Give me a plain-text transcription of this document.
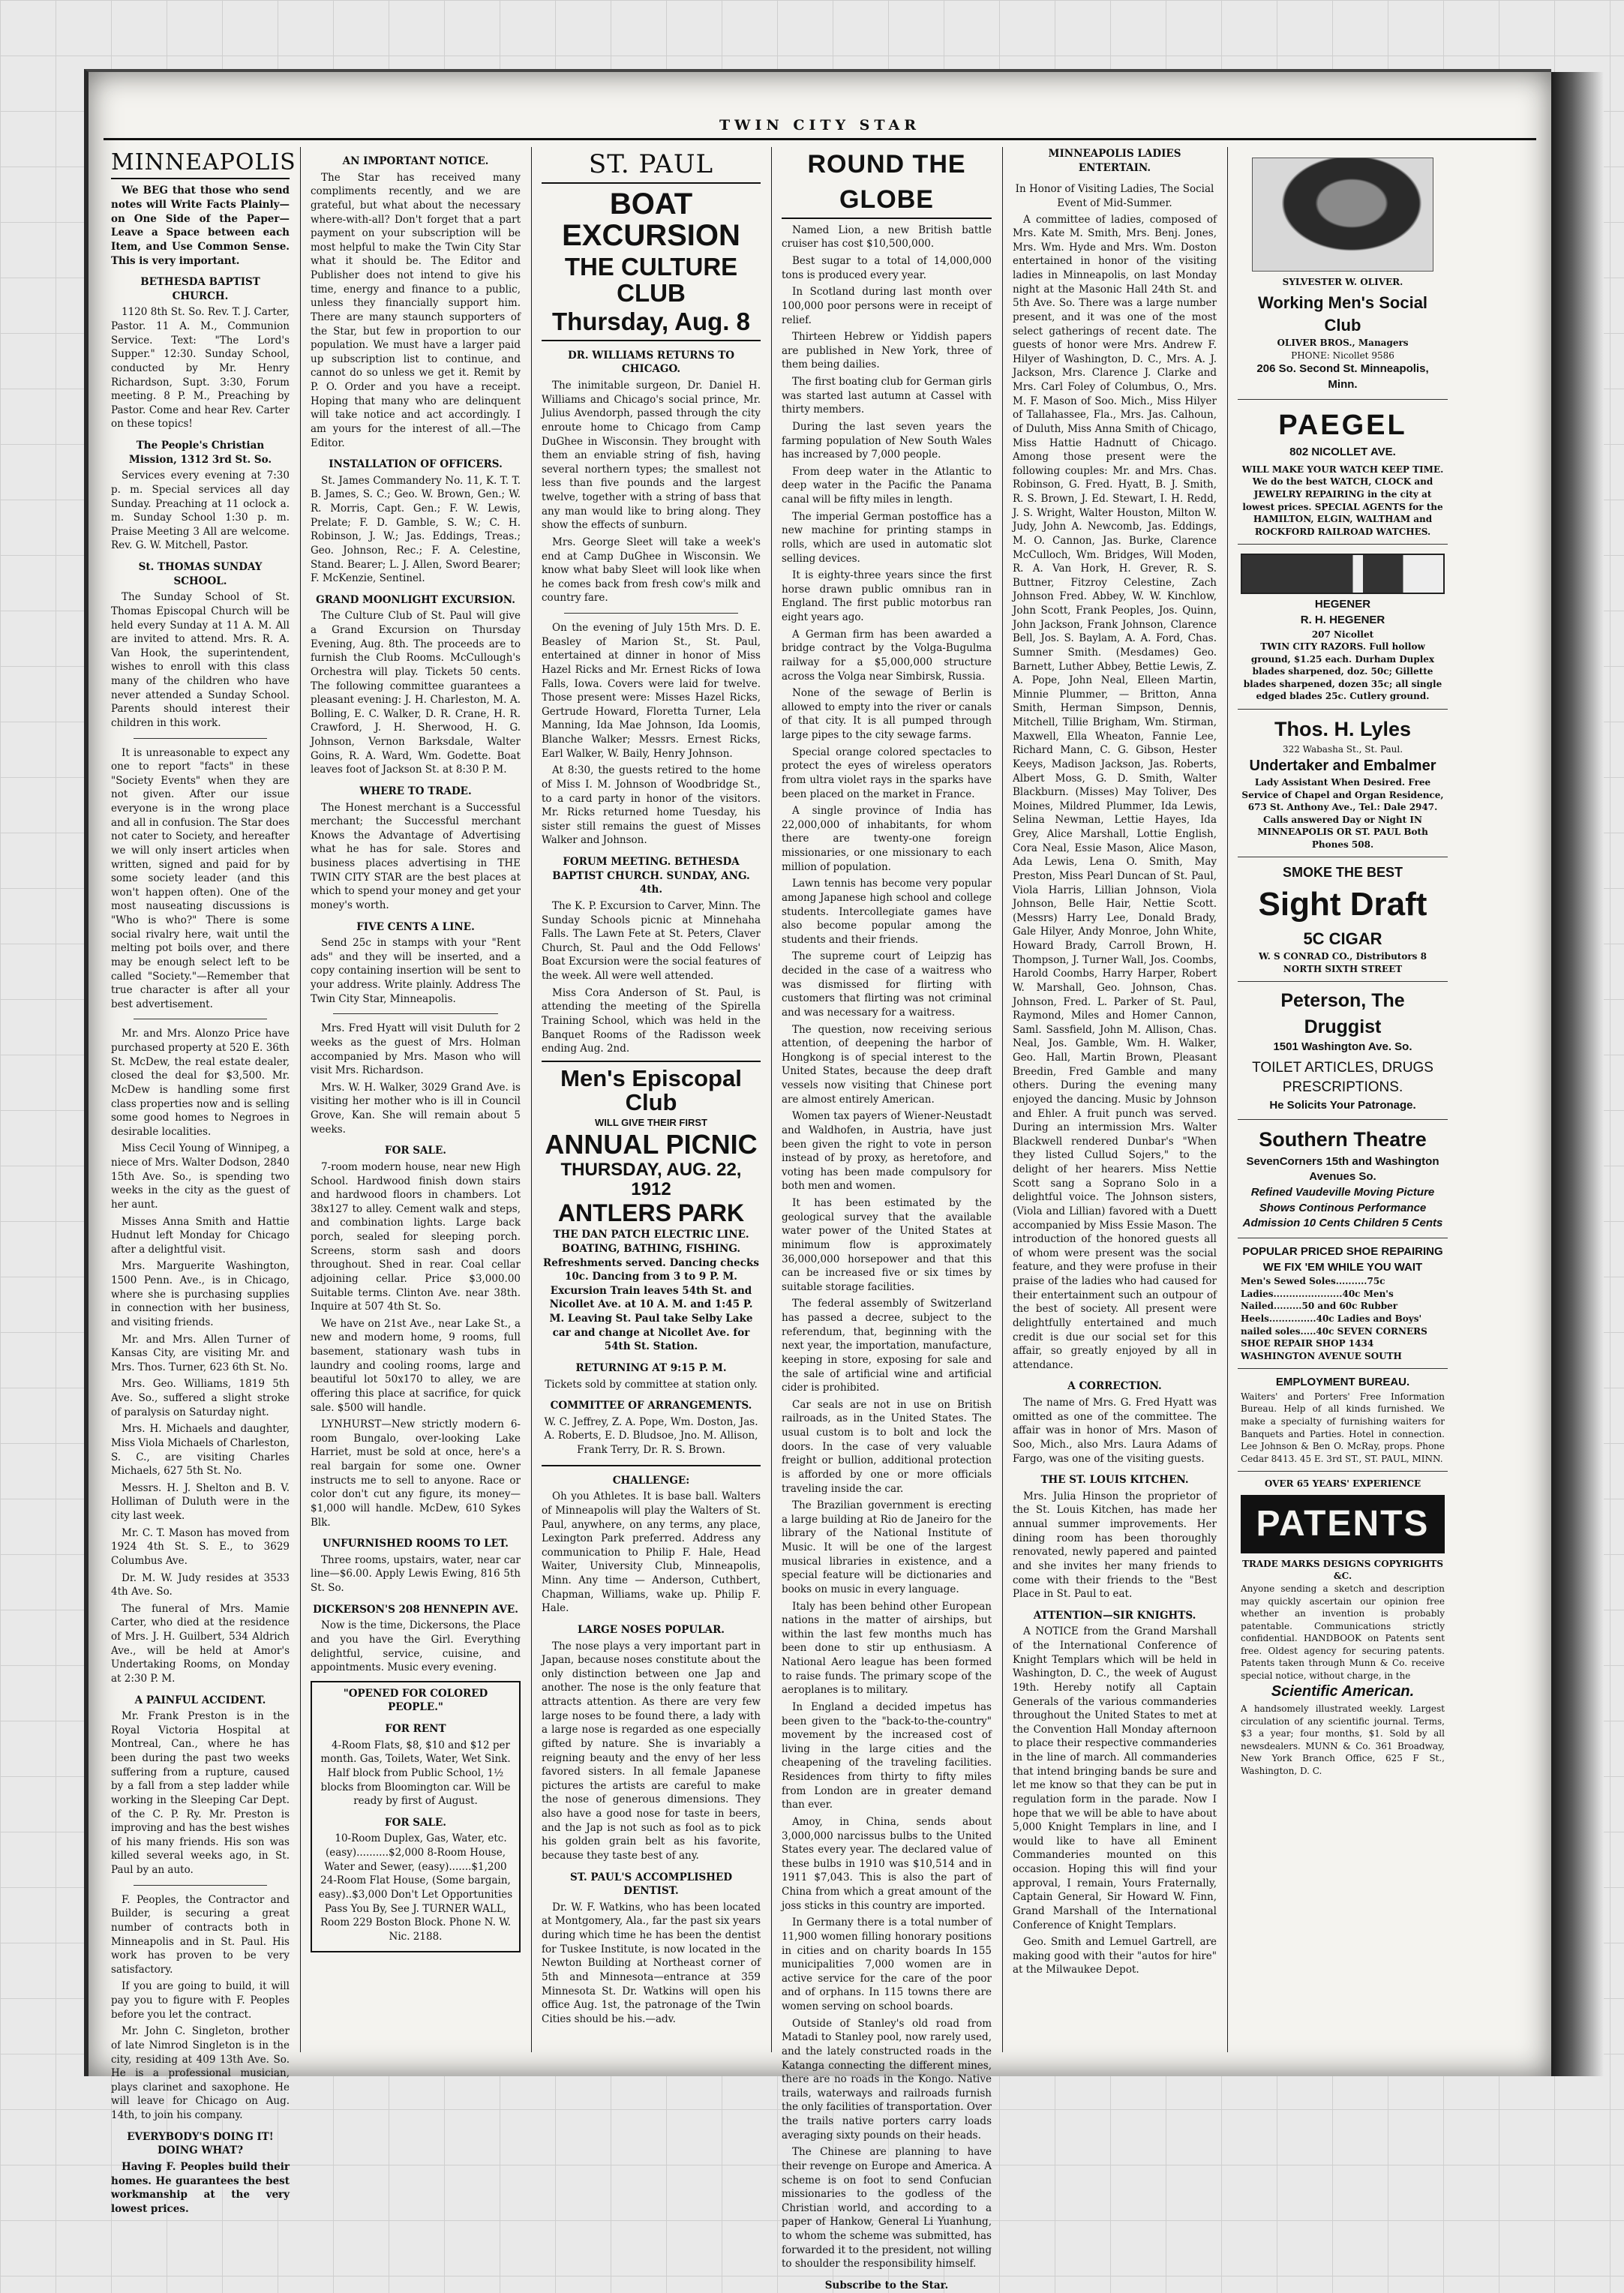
TWIN CITY STAR
MINNEAPOLIS

We BEG that those who send notes will Write Facts Plainly—on One Side of the Paper—Leave a Space between each Item, and Use Common Sense. This is very important.

BETHESDA BAPTIST CHURCH.

1120 8th St. So. Rev. T. J. Carter, Pastor. 11 A. M., Communion Service. Text: "The Lord's Supper." 12:30. Sunday School, conducted by Mr. Henry Richardson, Supt. 3:30, Forum meeting. 8 P. M., Preaching by Pastor. Come and hear Rev. Carter on these topics!

The People's Christian Mission, 1312 3rd St. So.

Services every evening at 7:30 p. m. Special services all day Sunday. Preaching at 11 oclock a. m. Sunday School 1:30 p. m. Praise Meeting 3 All are welcome. Rev. G. W. Mitchell, Pastor.

St. THOMAS SUNDAY SCHOOL.

The Sunday School of St. Thomas Episcopal Church will be held every Sunday at 11 A. M. All are invited to attend. Mrs. R. A. Van Hook, the superintendent, wishes to enroll with this class many of the children who have never attended a Sunday School. Parents should interest their children in this work.

It is unreasonable to expect any one to report "facts" in these "Society Events" when they are not given. After our issue everyone is in the wrong place and all in confusion. The Star does not cater to Society, and hereafter we will only insert articles when written, signed and paid for by some society leader (and this won't happen often). One of the most nauseating discussions is "Who is who?" There is some social rivalry here, wait until the melting pot boils over, and there may be enough select left to be called "Society."—Remember that true character is after all your best advertisement.

Mr. and Mrs. Alonzo Price have purchased property at 520 E. 36th St. McDew, the real estate dealer, closed the deal for $3,500. Mr. McDew is handling some first class properties now and is selling some good homes to Negroes in desirable localities.

Miss Cecil Young of Winnipeg, a niece of Mrs. Walter Dodson, 2840 15th Ave. So., is spending two weeks in the city as the guest of her aunt.

Misses Anna Smith and Hattie Hudnut left Monday for Chicago after a delightful visit.

Mrs. Marguerite Washington, 1500 Penn. Ave., is in Chicago, where she is purchasing supplies in connection with her business, and visiting friends.

Mr. and Mrs. Allen Turner of Kansas City, are visiting Mr. and Mrs. Thos. Turner, 623 6th St. No.

Mrs. Geo. Williams, 1819 5th Ave. So., suffered a slight stroke of paralysis on Saturday night.

Mrs. H. Michaels and daughter, Miss Viola Michaels of Charleston, S. C., are visiting Charles Michaels, 627 5th St. No.

Messrs. H. J. Shelton and B. V. Holliman of Duluth were in the city last week.

Mr. C. T. Mason has moved from 1924 4th St. S. E., to 3629 Columbus Ave.

Dr. M. W. Judy resides at 3533 4th Ave. So.

The funeral of Mrs. Mamie Carter, who died at the residence of Mrs. J. H. Guilbert, 534 Aldrich Ave., will be held at Amor's Undertaking Rooms, on Monday at 2:30 P. M.

A PAINFUL ACCIDENT.

Mr. Frank Preston is in the Royal Victoria Hospital at Montreal, Can., where he has been during the past two weeks suffering from a rupture, caused by a fall from a step ladder while working in the Sleeping Car Dept. of the C. P. Ry. Mr. Preston is improving and has the best wishes of his many friends. His son was killed several weeks ago, in St. Paul by an auto.

F. Peoples, the Contractor and Builder, is securing a great number of contracts both in Minneapolis and in St. Paul. His work has proven to be very satisfactory.

If you are going to build, it will pay you to figure with F. Peoples before you let the contract.

Mr. John C. Singleton, brother of late Nimrod Singleton is in the city, residing at 409 13th Ave. So. He is a professional musician, plays clarinet and saxophone. He will leave for Chicago on Aug. 14th, to join his company.

EVERYBODY'S DOING IT! DOING WHAT?

Having F. Peoples build their homes. He guarantees the best workmanship at the very lowest prices.

AN IMPORTANT NOTICE.

The Star has received many compliments recently, and we are grateful, but what about the necessary where-with-all? Don't forget that a part payment on your subscription will be most helpful to make the Twin City Star what it should be. The Editor and Publisher does not intend to give his time, energy and finance to a public, unless they financially support him. There are many staunch supporters of the Star, but few in proportion to our population. We must have a larger paid up subscription list to continue, and cannot do so unless we get it. Remit by P. O. Order and you have a receipt. Hoping that many who are delinquent will take notice and act accordingly. I am yours for the interest of all.—The Editor.

INSTALLATION OF OFFICERS.

St. James Commandery No. 11, K. T. T. B. James, S. C.; Geo. W. Brown, Gen.; W. R. Morris, Capt. Gen.; F. W. Lewis, Prelate; F. D. Gamble, S. W.; C. H. Robinson, J. W.; Jas. Eddings, Treas.; Geo. Johnson, Rec.; F. A. Celestine, Stand. Bearer; L. J. Allen, Sword Bearer; F. McKenzie, Sentinel.

GRAND MOONLIGHT EXCURSION.

The Culture Club of St. Paul will give a Grand Excursion on Thursday Evening, Aug. 8th. The proceeds are to furnish the Club Rooms. McCullough's Orchestra will play. Tickets 50 cents. The following committee guarantees a pleasant evening: J. H. Charleston, M. A. Bolling, E. C. Walker, D. R. Crane, H. R. Crawford, J. H. Sherwood, H. G. Johnson, Vernon Barksdale, Walter Goins, R. A. Ward, Wm. Godette. Boat leaves foot of Jackson St. at 8:30 P. M.

WHERE TO TRADE.

The Honest merchant is a Successful merchant; the Successful merchant Knows the Advantage of Advertising what he has for sale. Stores and business places advertising in THE TWIN CITY STAR are the best places at which to spend your money and get your money's worth.

FIVE CENTS A LINE.

Send 25c in stamps with your "Rent ads" and they will be inserted, and a copy containing insertion will be sent to your address. Write plainly. Address The Twin City Star, Minneapolis.

Mrs. Fred Hyatt will visit Duluth for 2 weeks as the guest of Mrs. Holman accompanied by Mrs. Mason who will visit Mrs. Richardson.

Mrs. W. H. Walker, 3029 Grand Ave. is visiting her mother who is ill in Council Grove, Kan. She will remain about 5 weeks.

FOR SALE.

7-room modern house, near new High School. Hardwood finish down stairs and hardwood floors in chambers. Lot 38x127 to alley. Cement walk and steps, and combination lights. Large back porch, sealed for sleeping porch. Screens, storm sash and doors throughout. Shed in rear. Coal cellar adjoining cellar. Price $3,000.00 Suitable terms. Clinton Ave. near 38th. Inquire at 507 4th St. So.

We have on 21st Ave., near Lake St., a new and modern home, 9 rooms, full basement, stationary wash tubs in laundry and cooling rooms, large and beautiful lot 50x170 to alley, we are offering this place at sacrifice, for quick sale. $500 will handle.

LYNHURST—New strictly modern 6-room Bungalo, over-looking Lake Harriet, must be sold at once, here's a real bargain for some one. Owner instructs me to sell to anyone. Race or color don't cut any figure, its money—$1,000 will handle. McDew, 610 Sykes Blk.

UNFURNISHED ROOMS TO LET.

Three rooms, upstairs, water, near car line—$6.00. Apply Lewis Ewing, 816 5th St. So.

DICKERSON'S 208 HENNEPIN AVE.

Now is the time, Dickersons, the Place and you have the Girl. Everything delightful, service, cuisine, and appointments. Music every evening.

"OPENED FOR COLORED PEOPLE."
FOR RENT

4-Room Flats, $8, $10 and $12 per month. Gas, Toilets, Water, Wet Sink. Half block from Public School, 1½ blocks from Bloomington car. Will be ready by first of August.

FOR SALE.

10-Room Duplex, Gas, Water, etc. (easy)..........$2,000 8-Room House, Water and Sewer, (easy).......$1,200 24-Room Flat House, (Some bargain, easy)..$3,000 Don't Let Opportunities Pass You By, See J. TURNER WALL, Room 229 Boston Block. Phone N. W. Nic. 2188.

ST. PAUL
BOAT EXCURSION
THE CULTURE CLUB
Thursday, Aug. 8
DR. WILLIAMS RETURNS TO CHICAGO.

The inimitable surgeon, Dr. Daniel H. Williams and Chicago's social prince, Mr. Julius Avendorph, passed through the city enroute home to Chicago from Camp DuGhee in Wisconsin. They brought with them an enviable string of fish, having several northern types; the smallest not less than five pounds and the largest twelve, together with a string of bass that any man would like to bring along. They show the effects of sunburn.

Mrs. George Sleet will take a week's end at Camp DuGhee in Wisconsin. We know what baby Sleet will look like when he comes back from fresh cow's milk and country fare.

On the evening of July 15th Mrs. D. E. Beasley of Marion St., St. Paul, entertained at dinner in honor of Miss Hazel Ricks and Mr. Ernest Ricks of Iowa Falls, Iowa. Covers were laid for twelve. Those present were: Misses Hazel Ricks, Gertrude Howard, Floretta Turner, Lela Manning, Ida Mae Johnson, Ida Loomis, Blanche Walker; Messrs. Ernest Ricks, Earl Walker, W. Baily, Henry Johnson.

At 8:30, the guests retired to the home of Miss I. M. Johnson of Woodbridge St., to a card party in honor of the visitors. Mr. Ricks returned home Tuesday, his sister still remains the guest of Misses Walker and Johnson.

FORUM MEETING. BETHESDA BAPTIST CHURCH. SUNDAY, ANG. 4th.

The K. P. Excursion to Carver, Minn. The Sunday Schools picnic at Minnehaha Falls. The Lawn Fete at St. Peters, Claver Church, St. Paul and the Odd Fellows' Boat Excursion were the social features of the week. All were well attended.

Miss Cora Anderson of St. Paul, is attending the meeting of the Spirella Training School, which was held in the Banquet Rooms of the Radisson week ending Aug. 2nd.

Men's Episcopal Club
WILL GIVE THEIR FIRST
ANNUAL PICNIC
THURSDAY, AUG. 22, 1912
ANTLERS PARK

THE DAN PATCH ELECTRIC LINE. BOATING, BATHING, FISHING. Refreshments served. Dancing checks 10c. Dancing from 3 to 9 P. M. Excursion Train leaves 54th St. and Nicollet Ave. at 10 A. M. and 1:45 P. M. Leaving St. Paul take Selby Lake car and change at Nicollet Ave. for 54th St. Station.

RETURNING AT 9:15 P. M.

Tickets sold by committee at station only.

COMMITTEE OF ARRANGEMENTS.

W. C. Jeffrey, Z. A. Pope, Wm. Doston, Jas. A. Roberts, E. D. Bludsoe, Jno. M. Allison, Frank Terry, Dr. R. S. Brown.

CHALLENGE:

Oh you Athletes. It is base ball. Walters of Minneapolis will play the Walters of St. Paul, anywhere, on any terms, any place, Lexington Park preferred. Address any communication to Philip F. Hale, Head Waiter, University Club, Minneapolis, Minn. Any time — Anderson, Cuthbert, Chapman, Williams, wake up. Philip F. Hale.

LARGE NOSES POPULAR.

The nose plays a very important part in Japan, because noses constitute about the only distinction between one Jap and another. The nose is the only feature that attracts attention. As there are very few large noses to be found there, a lady with a large nose is regarded as one especially gifted by nature. She is invariably a reigning beauty and the envy of her less favored sisters. In all female Japanese pictures the artists are careful to make the nose of generous dimensions. They also have a good nose for taste in beers, and the Jap is not such as fool as to pick his golden grain belt as his favorite, because they taste best of any.

ST. PAUL'S ACCOMPLISHED DENTIST.

Dr. W. F. Watkins, who has been located at Montgomery, Ala., far the past six years during which time he has been the dentist for Tuskee Institute, is now located in the Newton Building at Northeast corner of 5th and Minnesota—entrance at 359 Minnesota St. Dr. Watkins will open his office Aug. 1st, the patronage of the Twin Cities should be his.—adv.

ROUND THE GLOBE

Named Lion, a new British battle cruiser has cost $10,500,000.

Best sugar to a total of 14,000,000 tons is produced every year.

In Scotland during last month over 100,000 poor persons were in receipt of relief.

Thirteen Hebrew or Yiddish papers are published in New York, three of them being dailies.

The first boating club for German girls was started last autumn at Cassel with thirty members.

During the last seven years the farming population of New South Wales has increased by 7,000 people.

From deep water in the Atlantic to deep water in the Pacific the Panama canal will be fifty miles in length.

The imperial German postoffice has a new machine for printing stamps in rolls, which are used in automatic slot selling devices.

It is eighty-three years since the first horse drawn public omnibus ran in England. The first public motorbus ran eight years ago.

A German firm has been awarded a bridge contract by the Volga-Bugulma railway for a $5,000,000 structure across the Volga near Simbirsk, Russia.

None of the sewage of Berlin is allowed to empty into the river or canals of that city. It is all pumped through large pipes to the city sewage farms.

Special orange colored spectacles to protect the eyes of wireless operators from ultra violet rays in the sparks have been placed on the market in France.

A single province of India has 22,000,000 of inhabitants, for whom there are twenty-one foreign missionaries, or one missionary to each million of population.

Lawn tennis has become very popular among Japanese high school and college students. Intercollegiate games have also become popular among the students and their friends.

The supreme court of Leipzig has decided in the case of a waitress who was dismissed for flirting with customers that flirting was not criminal and was necessary for a waitress.

The question, now receiving serious attention, of deepening the harbor of Hongkong is of special interest to the United States, because the deep draft vessels now visiting that Chinese port are almost entirely American.

Women tax payers of Wiener-Neustadt and Waldhofen, in Austria, have just been given the right to vote in person instead of by proxy, as heretofore, and voting has been made compulsory for both men and women.

It has been estimated by the geological survey that the available water power of the United States at minimum flow is approximately 36,000,000 horsepower and that this can be increased five or six times by suitable storage facilities.

The federal assembly of Switzerland has passed a decree, subject to the referendum, that, beginning with the next year, the importation, manufacture, keeping in store, exposing for sale and the sale of artificial wine and artificial cider is prohibited.

Car seals are not in use on British railroads, as in the United States. The usual custom is to bolt and lock the doors. In the case of very valuable freight or bullion, additional protection is afforded by one or more officials traveling inside the car.

The Brazilian government is erecting a large building at Rio de Janeiro for the library of the National Institute of Music. It will be one of the largest musical libraries in existence, and a special feature will be dictionaries and books on music in every language.

Italy has been behind other European nations in the matter of airships, but within the last few months much has been done to stir up enthusiasm. A National Aero league has been formed to raise funds. The primary scope of the aeroplanes is to military.

In England a decided impetus has been given to the "back-to-the-country" movement by the increased cost of living in the large cities and the cheapening of the traveling facilities. Residences from thirty to fifty miles from London are in greater demand than ever.

Amoy, in China, sends about 3,000,000 narcissus bulbs to the United States every year. The declared value of these bulbs in 1910 was $10,514 and in 1911 $7,043. This is also the part of China from which a great amount of the joss sticks in this country are imported.

In Germany there is a total number of 11,900 women filling honorary positions in cities and on charity boards In 155 municipalities 7,000 women are in active service for the care of the poor and of orphans. In 115 towns there are women serving on school boards.

Outside of Stanley's old road from Matadi to Stanley pool, now rarely used, and the lately constructed roads in the Katanga connecting the different mines, there are no roads in the Kongo. Native trails, waterways and railroads furnish the only facilities of transportation. Over the trails native porters carry loads averaging sixty pounds on their heads.

The Chinese are planning to have their revenge on Europe and America. A scheme is on foot to send Confucian missionaries to the godless of the Christian world, and according to a paper of Hankow, General Li Yuanhung, to whom the scheme was submitted, has forwarded it to the president, not willing to shoulder the responsibility himself.

Subscribe to the Star.
MINNEAPOLIS LADIES ENTERTAIN.
In Honor of Visiting Ladies, The Social Event of Mid-Summer.

A committee of ladies, composed of Mrs. Kate M. Smith, Mrs. Benj. Jones, Mrs. Wm. Hyde and Mrs. Wm. Doston entertained in honor of the visiting ladies in Minneapolis, on last Monday night at the Masonic Hall 24th St. and 5th Ave. So. There was a large number present, and it was one of the most select gatherings of recent date. The guests of honor were Mrs. Andrew F. Hilyer of Washington, D. C., Mrs. A. J. Jackson, Mrs. Clarence J. Clarke and Mrs. Carl Foley of Columbus, O., Mrs. M. F. Mason of Soo. Mich., Miss Hilyer of Tallahassee, Fla., Mrs. Jas. Calhoun, of Duluth, Miss Anna Smith of Chicago, Miss Hattie Hadnutt of Chicago. Among those present were the following couples: Mr. and Mrs. Chas. Robinson, G. Fred. Hyatt, B. J. Smith, R. S. Brown, J. Ed. Stewart, I. H. Redd, J. S. Wright, Walter Houston, Milton W. Judy, John A. Newcomb, Jas. Eddings, M. O. Cannon, Jas. Burke, Clarence McCulloch, Wm. Bridges, Will Moden, R. A. Van Hork, H. Grever, R. S. Buttner, Fitzroy Celestine, Zach Johnson Fred. Abbey, W. W. Kinchlow, John Scott, Frank Peoples, Jos. Quinn, John Jackson, Frank Johnson, Clarence Bell, Jos. S. Baylam, A. A. Ford, Chas. Sumner Smith. (Mesdames) Geo. Barnett, Luther Abbey, Bettie Lewis, Z. A. Pope, John Neal, Elleen Martin, Minnie Plummer, — Britton, Anna Smith, Herman Simpson, Dennis, Mitchell, Tillie Brigham, Wm. Stirman, Maxwell, Ella Wheaton, Fannie Lee, Richard Mann, C. G. Gibson, Hester Keeys, Madison Jackson, Jas. Roberts, Albert Moss, G. D. Smith, Walter Blackburn. (Misses) May Toliver, Des Moines, Mildred Plummer, Ida Lewis, Selina Newman, Lettie Hayes, Ida Grey, Alice Marshall, Lottie English, Cora Neal, Essie Mason, Alice Mason, Ada Lewis, Lena O. Smith, May Preston, Miss Pearl Duncan of St. Paul, Viola Harris, Lillian Johnson, Viola Johnson, Belle Hair, Nettie Scott. (Messrs) Harry Lee, Donald Brady, Gale Hilyer, Andy Monroe, John White, Howard Brady, Carroll Brown, H. Thompson, J. Turner Wall, Jos. Coombs, Harold Coombs, Harry Harper, Robert W. Marshall, Geo. Johnson, Chas. Johnson, Fred. L. Parker of St. Paul, Raymond, Miles and Homer Cannon, Saml. Sassfield, John M. Allison, Chas. Neal, Jos. Gamble, Wm. H. Walker, Geo. Hall, Martin Brown, Pleasant Breedin, Fred Gamble and many others. During the evening many enjoyed the dancing. Music by Johnson and Ehler. A fruit punch was served. During an intermission Mrs. Walter Blackwell rendered Dunbar's "When they listed Cullud Sojers," to the delight of her hearers. Miss Nettie Scott sang a Soprano Solo in a delightful voice. The Johnson sisters, (Viola and Lillian) favored with a Duett accompanied by Miss Essie Mason. The introduction of the honored guests all of whom were present was the social feature, and they were profuse in their praise of the ladies who had caused for their entertainment such an outpour of the best of society. All present were delightfully entertained and much credit is due our social set for this affair, so greatly enjoyed by all in attendance.

A CORRECTION.

The name of Mrs. G. Fred Hyatt was omitted as one of the committee. The affair was in honor of Mrs. Mason of Soo, Mich., also Mrs. Laura Adams of Fargo, was one of the visiting guests.

THE ST. LOUIS KITCHEN.

Mrs. Julia Hinson the proprietor of the St. Louis Kitchen, has made her annual summer improvements. Her dining room has been thoroughly renovated, newly papered and painted and she invites her many friends to come with their friends to the "Best Place in St. Paul to eat.

ATTENTION—SIR KNIGHTS.

A NOTICE from the Grand Marshall of the International Conference of Knight Templars which will be held in Washington, D. C., the week of August 19th. Hereby notify all Captain Generals of the various commanderies throughout the United States to met at the Convention Hall Monday afternoon to place their respective commanderies in the line of march. All commanderies that intend bringing bands be sure and let me know so that they can be put in regulation form in the parade. Now I hope that we will be able to have about 5,000 Knight Templars in line, and I would like to have all Eminent Commanderies mounted on this occasion. Hoping this will find your approval, I remain, Yours Fraternally, Captain General, Sir Howard W. Finn, Grand Marshall of the International Conference of Knight Templars.

Geo. Smith and Lemuel Gartrell, are making good with their "autos for hire" at the Milwaukee Depot.

SYLVESTER W. OLIVER.
Working Men's Social Club
OLIVER BROS., Managers
PHONE: Nicollet 9586
206 So. Second St. Minneapolis, Minn.
PAEGEL
802 NICOLLET AVE.
WILL MAKE YOUR WATCH KEEP TIME. We do the best WATCH, CLOCK and JEWELRY REPAIRING in the city at lowest prices. SPECIAL AGENTS for the HAMILTON, ELGIN, WALTHAM and ROCKFORD RAILROAD WATCHES.
HEGENER
R. H. HEGENER
207 Nicollet
TWIN CITY RAZORS. Full hollow ground, $1.25 each. Durham Duplex blades sharpened, doz. 50c; Gillette blades sharpened, dozen 35c; all single edged blades 25c. Cutlery ground.
Thos. H. Lyles
322 Wabasha St., St. Paul.
Undertaker and Embalmer
Lady Assistant When Desired. Free Service of Chapel and Organ Residence, 673 St. Anthony Ave., Tel.: Dale 2947. Calls answered Day or Night IN MINNEAPOLIS OR ST. PAUL Both Phones 508.
SMOKE THE BEST
Sight Draft
5C CIGAR
W. S CONRAD CO., Distributors 8 NORTH SIXTH STREET
Peterson, The Druggist
1501 Washington Ave. So.
TOILET ARTICLES, DRUGS PRESCRIPTIONS.
He Solicits Your Patronage.
Southern Theatre
SevenCorners 15th and Washington Avenues So.
Refined Vaudeville Moving Picture Shows Continous Performance Admission 10 Cents Children 5 Cents
POPULAR PRICED SHOE REPAIRING
WE FIX 'EM WHILE YOU WAIT
Men's Sewed Soles..........75c Ladies......................40c Men's Nailed.........50 and 60c Rubber Heels...............40c Ladies and Boys' nailed soles.....40c SEVEN CORNERS SHOE REPAIR SHOP 1434 WASHINGTON AVENUE SOUTH
EMPLOYMENT BUREAU.
Waiters' and Porters' Free Information Bureau. Help of all kinds furnished. We make a specialty of furnishing waiters for Banquets and Parties. Hotel in connection. Lee Johnson & Ben O. McRay, props. Phone Cedar 8413. 45 E. 3rd ST., ST. PAUL, MINN.
OVER 65 YEARS' EXPERIENCE
PATENTS
TRADE MARKS DESIGNS COPYRIGHTS &C.
Anyone sending a sketch and description may quickly ascertain our opinion free whether an invention is probably patentable. Communications strictly confidential. HANDBOOK on Patents sent free. Oldest agency for securing patents. Patents taken through Munn & Co. receive special notice, without charge, in the
Scientific American.
A handsomely illustrated weekly. Largest circulation of any scientific journal. Terms, $3 a year; four months, $1. Sold by all newsdealers. MUNN & Co. 361 Broadway, New York Branch Office, 625 F St., Washington, D. C.
